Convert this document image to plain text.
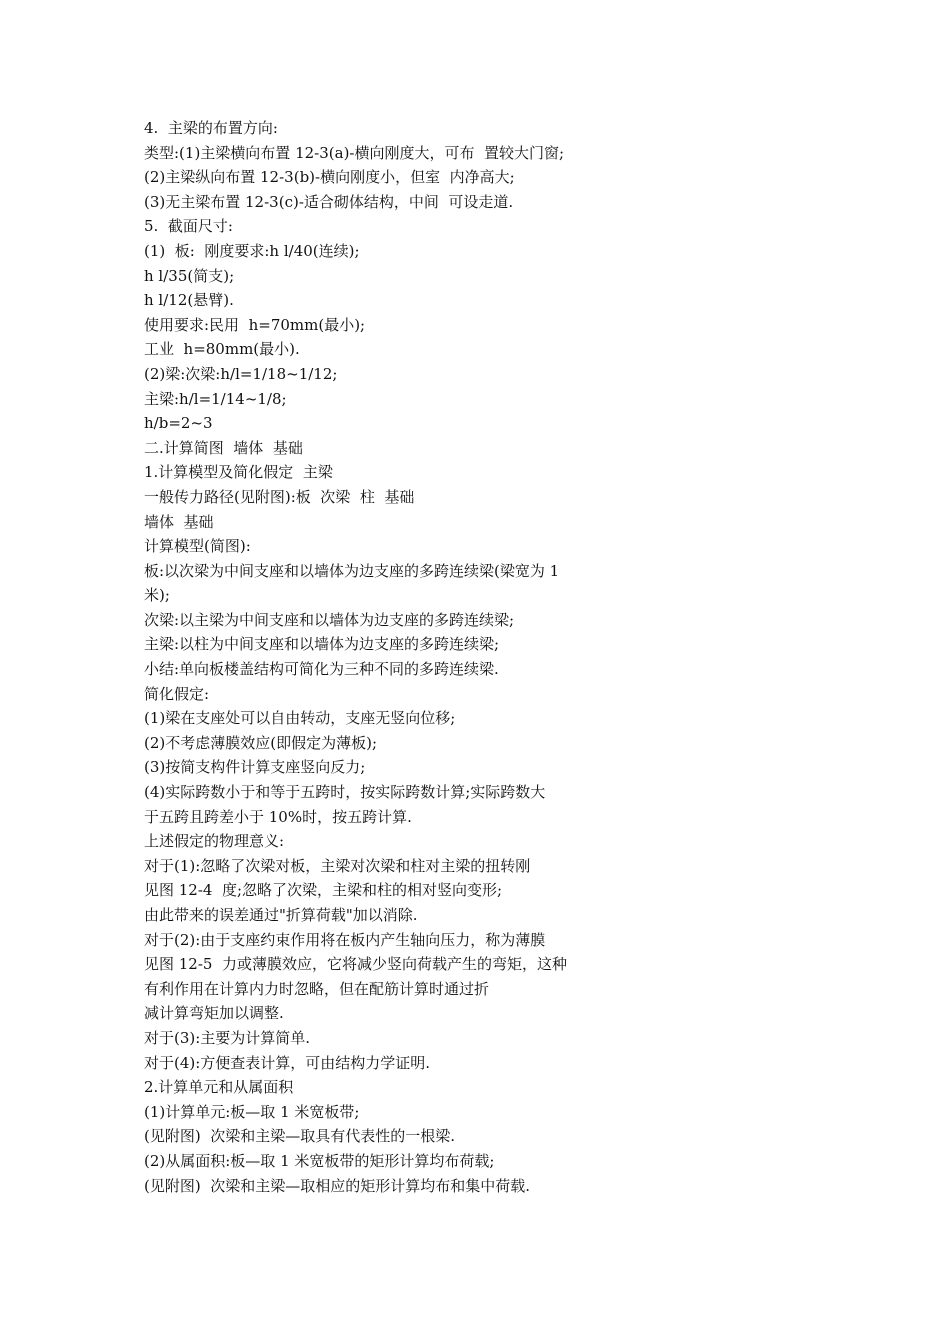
4.  主梁的布置方向:
类型:(1)主梁横向布置 12-3(a)-横向刚度大，可布  置较大门窗;
(2)主梁纵向布置 12-3(b)-横向刚度小，但室  内净高大;
(3)无主梁布置 12-3(c)-适合砌体结构，中间  可设走道.
5.  截面尺寸:
(1)  板:  刚度要求:h l/40(连续);
h l/35(简支);
h l/12(悬臂).
使用要求:民用  h=70mm(最小);
工业  h=80mm(最小).
(2)梁:次梁:h/l=1/18~1/12;
主梁:h/l=1/14~1/8;
h/b=2~3
二.计算简图  墙体  基础
1.计算模型及简化假定  主梁
一般传力路径(见附图):板  次梁  柱  基础
墙体  基础
计算模型(简图):
板:以次梁为中间支座和以墙体为边支座的多跨连续梁(梁宽为 1
米);
次梁:以主梁为中间支座和以墙体为边支座的多跨连续梁;
主梁:以柱为中间支座和以墙体为边支座的多跨连续梁;
小结:单向板楼盖结构可简化为三种不同的多跨连续梁.
简化假定:
(1)梁在支座处可以自由转动，支座无竖向位移;
(2)不考虑薄膜效应(即假定为薄板);
(3)按简支构件计算支座竖向反力;
(4)实际跨数小于和等于五跨时，按实际跨数计算;实际跨数大
于五跨且跨差小于 10%时，按五跨计算.
上述假定的物理意义:
对于(1):忽略了次梁对板，主梁对次梁和柱对主梁的扭转刚
见图 12-4  度;忽略了次梁，主梁和柱的相对竖向变形;
由此带来的误差通过"折算荷载"加以消除.
对于(2):由于支座约束作用将在板内产生轴向压力，称为薄膜
见图 12-5  力或薄膜效应，它将减少竖向荷载产生的弯矩，这种
有利作用在计算内力时忽略，但在配筋计算时通过折
减计算弯矩加以调整.
对于(3):主要为计算简单.
对于(4):方便查表计算，可由结构力学证明.
2.计算单元和从属面积
(1)计算单元:板—取 1 米宽板带;
(见附图)  次梁和主梁—取具有代表性的一根梁.
(2)从属面积:板—取 1 米宽板带的矩形计算均布荷载;
(见附图)  次梁和主梁—取相应的矩形计算均布和集中荷载.
